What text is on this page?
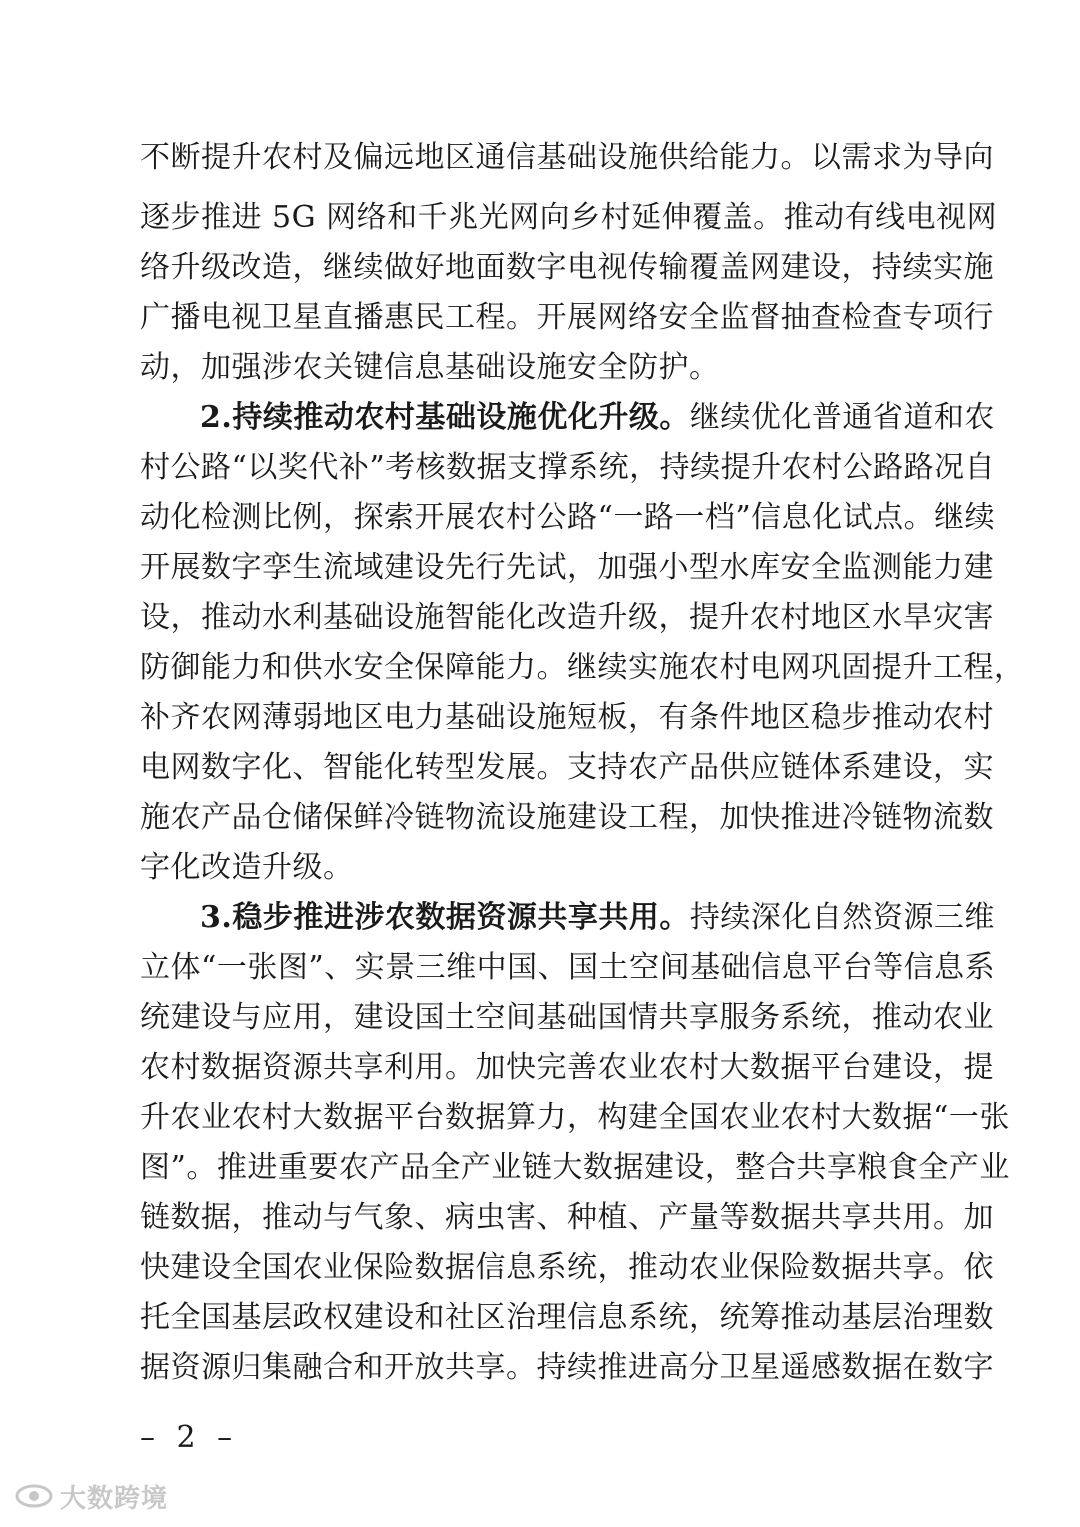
不断提升农村及偏远地区通信基础设施供给能力。以需求为导向
逐步推进 5G 网络和千兆光网向乡村延伸覆盖。推动有线电视网
络升级改造，继续做好地面数字电视传输覆盖网建设，持续实施
广播电视卫星直播惠民工程。开展网络安全监督抽查检查专项行
动，加强涉农关键信息基础设施安全防护。
2.持续推动农村基础设施优化升级。继续优化普通省道和农
村公路“以奖代补”考核数据支撑系统，持续提升农村公路路况自
动化检测比例，探索开展农村公路“一路一档”信息化试点。继续
开展数字孪生流域建设先行先试，加强小型水库安全监测能力建
设，推动水利基础设施智能化改造升级，提升农村地区水旱灾害
防御能力和供水安全保障能力。继续实施农村电网巩固提升工程，
补齐农网薄弱地区电力基础设施短板，有条件地区稳步推动农村
电网数字化、智能化转型发展。支持农产品供应链体系建设，实
施农产品仓储保鲜冷链物流设施建设工程，加快推进冷链物流数
字化改造升级。
3.稳步推进涉农数据资源共享共用。持续深化自然资源三维
立体“一张图”、实景三维中国、国土空间基础信息平台等信息系
统建设与应用，建设国土空间基础国情共享服务系统，推动农业
农村数据资源共享利用。加快完善农业农村大数据平台建设，提
升农业农村大数据平台数据算力，构建全国农业农村大数据“一张
图”。推进重要农产品全产业链大数据建设，整合共享粮食全产业
链数据，推动与气象、病虫害、种植、产量等数据共享共用。加
快建设全国农业保险数据信息系统，推动农业保险数据共享。依
托全国基层政权建设和社区治理信息系统，统筹推动基层治理数
据资源归集融合和开放共享。持续推进高分卫星遥感数据在数字
– 2 –
大数跨境
